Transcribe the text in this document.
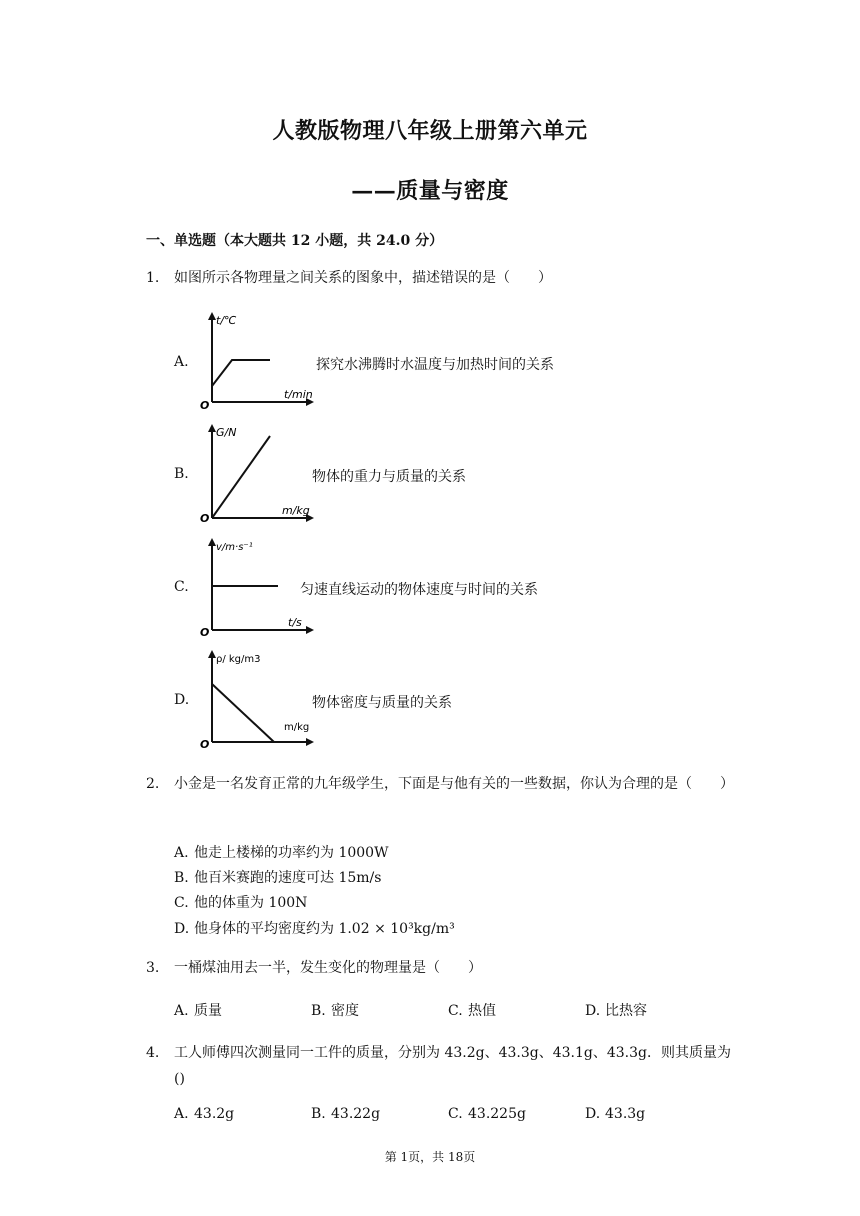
人教版物理八年级上册第六单元
——质量与密度
一、单选题（本大题共 12 小题，共 24.0 分）
1. 如图所示各物理量之间关系的图象中，描述错误的是（　　）
A.
t/℃
t/min
O
探究水沸腾时水温度与加热时间的关系
B.
G/N
m/kg
O
物体的重力与质量的关系
C.
v/m·s⁻¹
t/s
O
匀速直线运动的物体速度与时间的关系
D.
ρ/ kg/m3
m/kg
O
物体密度与质量的关系
2. 小金是一名发育正常的九年级学生，下面是与他有关的一些数据，你认为合理的是（　　）
A. 他走上楼梯的功率约为 1000W
B. 他百米赛跑的速度可达 15m/s
C. 他的体重为 100N
D. 他身体的平均密度约为 1.02 × 10³kg/m³
3. 一桶煤油用去一半，发生变化的物理量是（　　）
A. 质量	B. 密度	C. 热值	D. 比热容
4. 工人师傅四次测量同一工件的质量，分别为 43.2g、43.3g、43.1g、43.3g．则其质量为()
A. 43.2g	B. 43.22g	C. 43.225g	D. 43.3g
第 1页，共 18页
